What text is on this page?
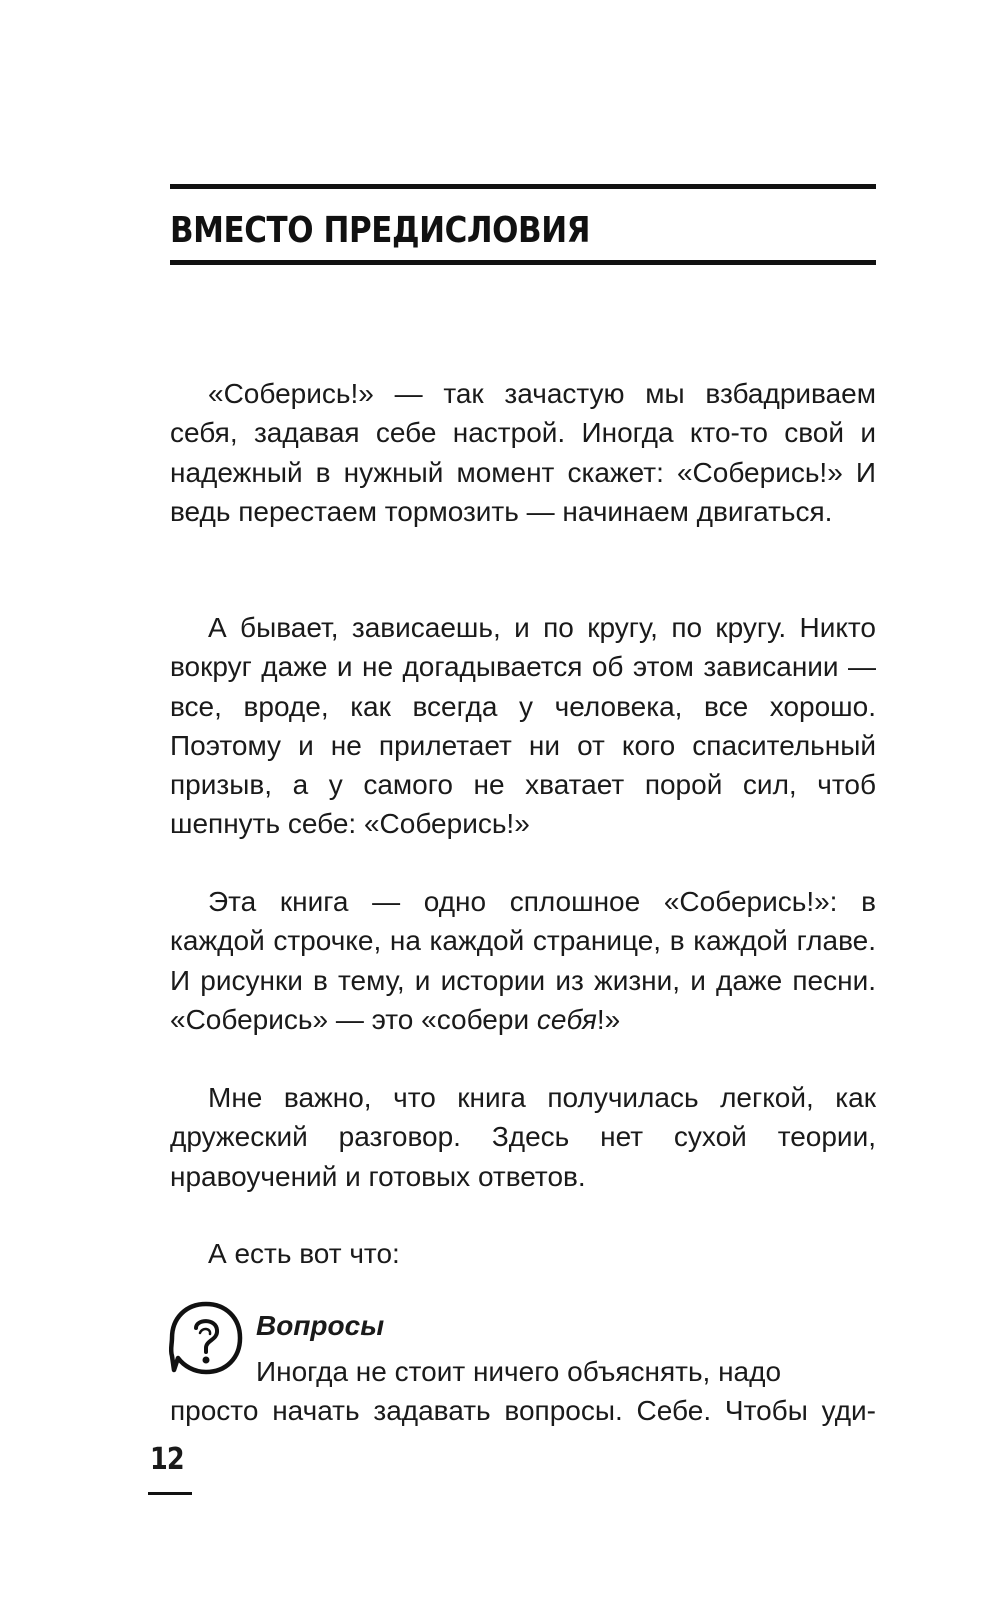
ВМЕСТО ПРЕДИСЛОВИЯ

«Соберись!» — так зачастую мы взбадриваем себя, задавая себе настрой. Иногда кто-то свой и надежный в нужный момент скажет: «Соберись!» И ведь перестаем тормозить — начинаем двигаться.

А бывает, зависаешь, и по кругу, по кругу. Никто вокруг даже и не догадывается об этом зависании — все, вроде, как всегда у человека, все хорошо. Поэтому и не прилетает ни от кого спасительный призыв, а у самого не хватает порой сил, чтоб шепнуть себе: «Соберись!»

Эта книга — одно сплошное «Соберись!»: в каждой строчке, на каждой странице, в каждой главе. И рисунки в тему, и истории из жизни, и даже песни. «Соберись» — это «собери себя!»

Мне важно, что книга получилась легкой, как дружеский разговор. Здесь нет сухой теории, нравоучений и готовых ответов.

А есть вот что:

Вопросы

Иногда не стоит ничего объяснять, надо

просто начать задавать вопросы. Себе. Чтобы уди-

12
